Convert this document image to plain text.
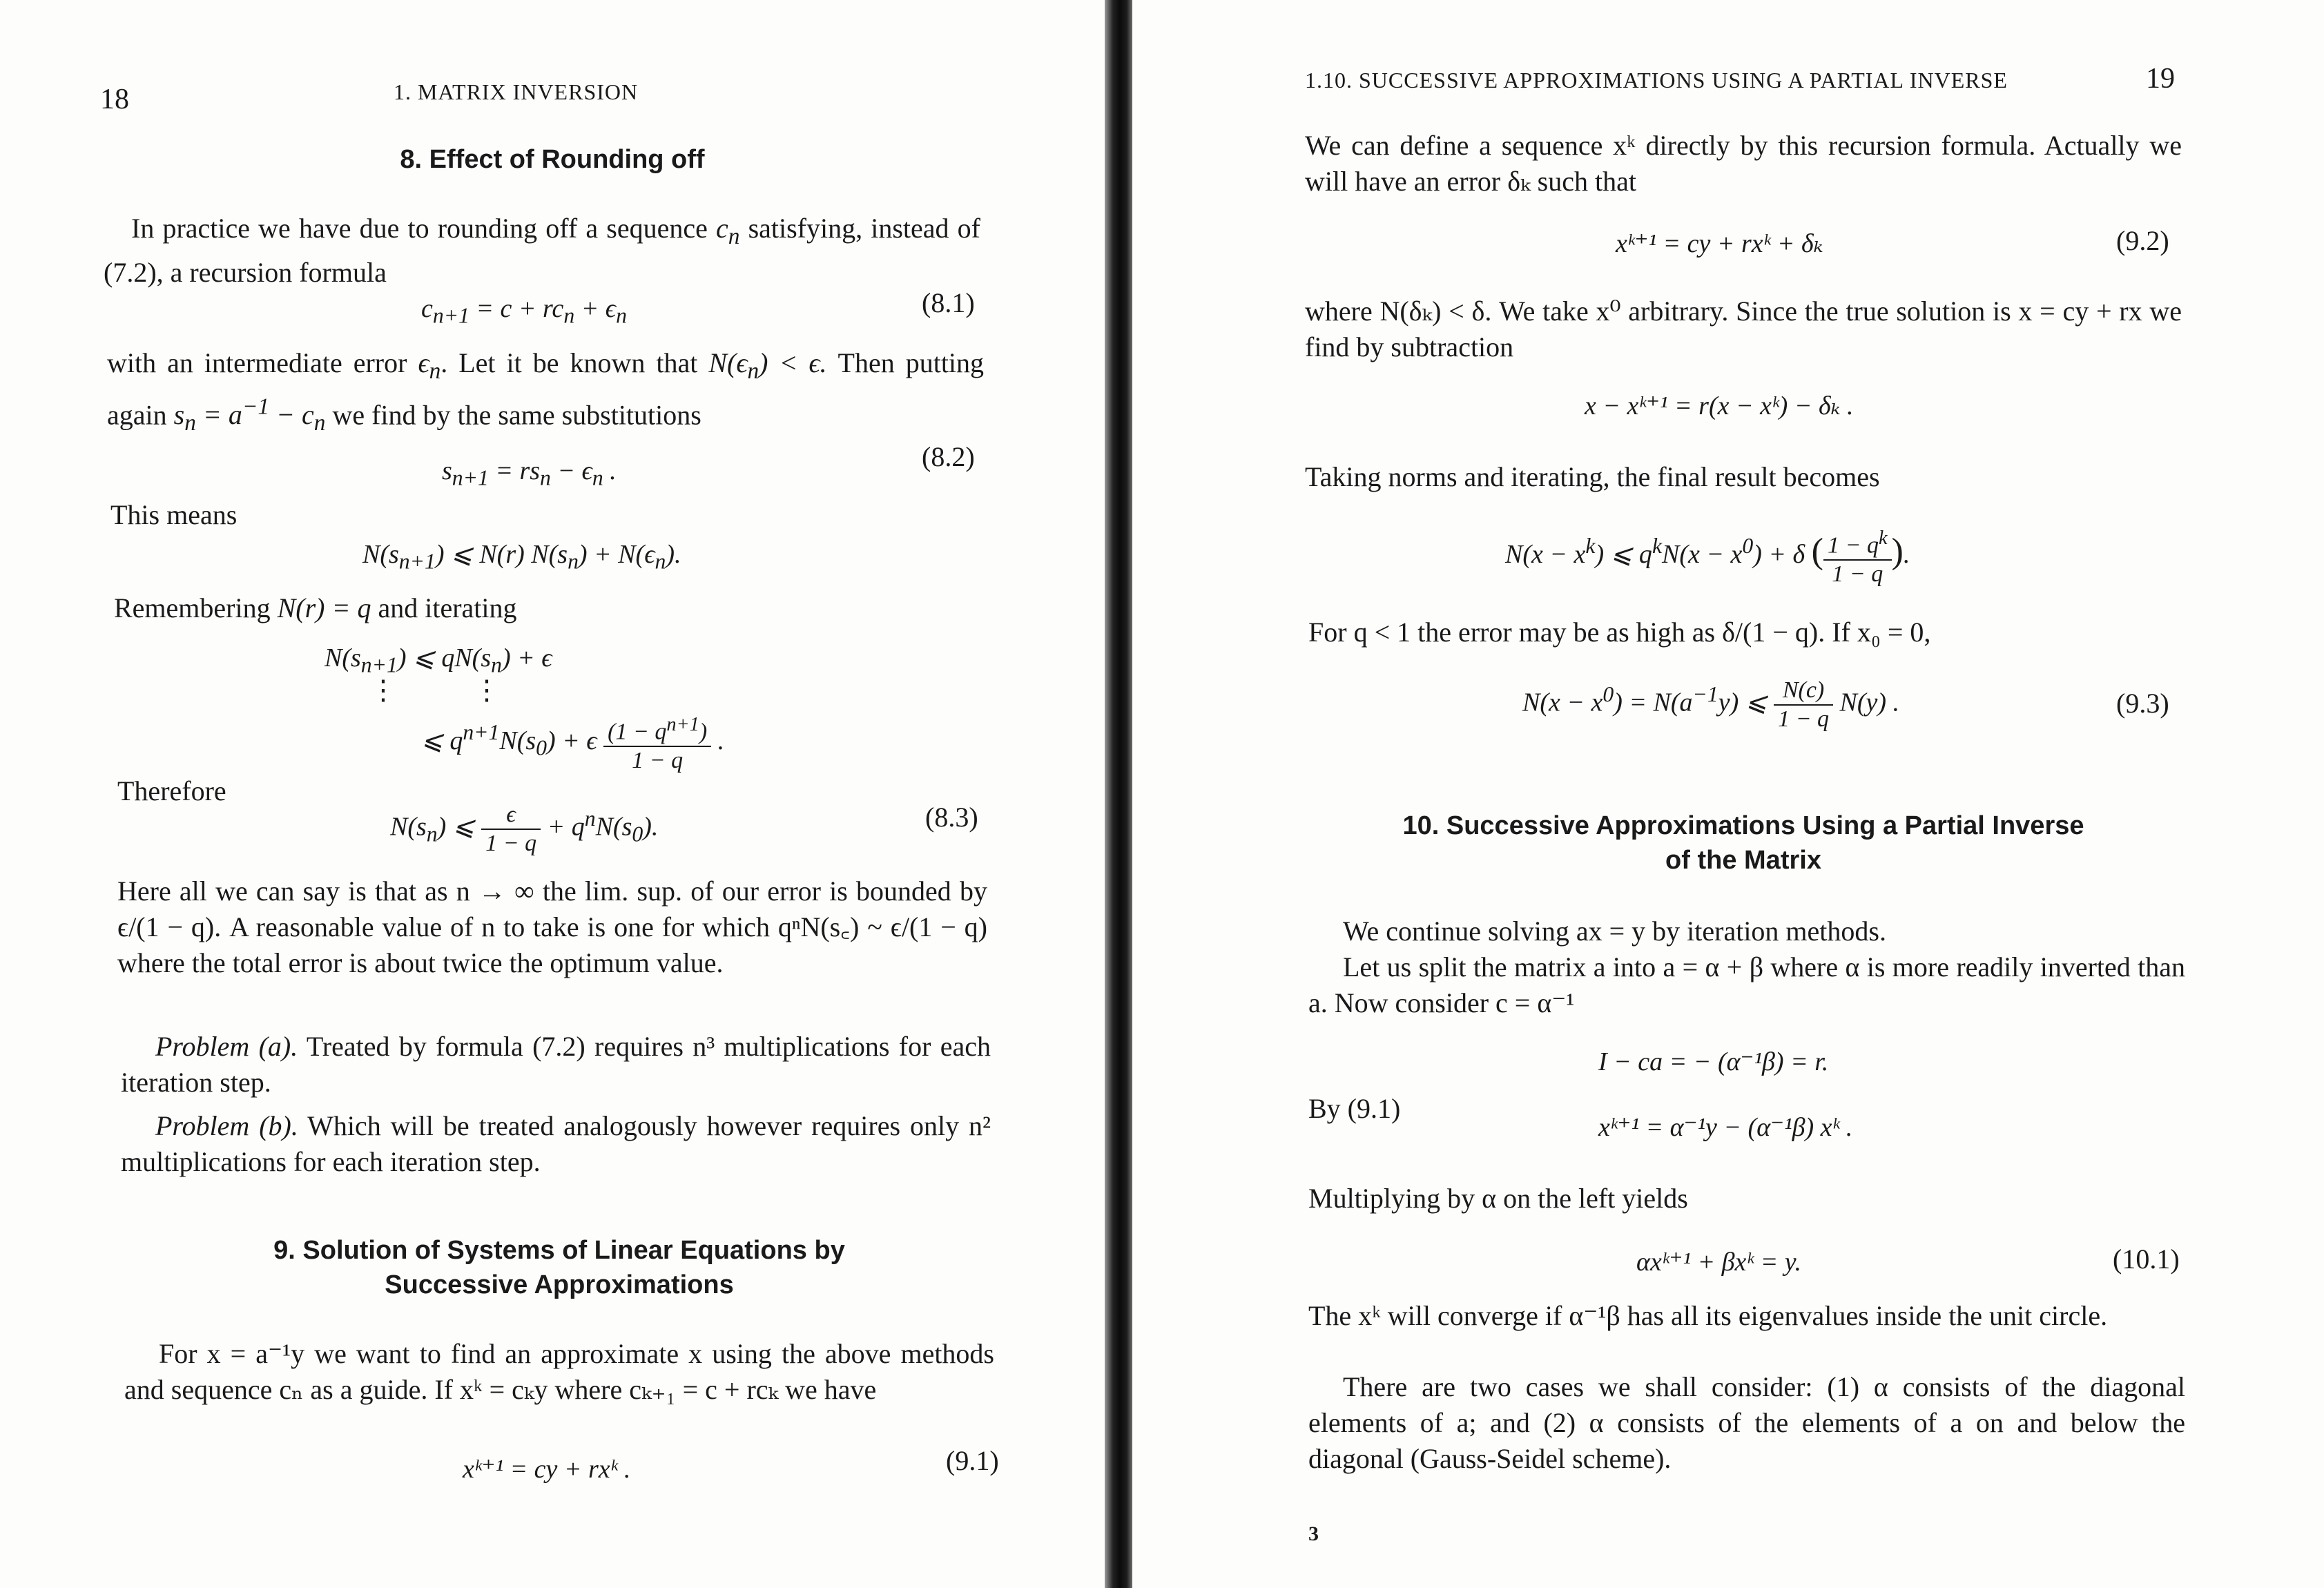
18	1. MATRIX INVERSION
8. Effect of Rounding off
In practice we have due to rounding off a sequence $c_n$ satisfying, instead of (7.2), a recursion formula
$c_{n+1} = c + rc_n + \epsilon_n$	(8.1)
with an intermediate error $\epsilon_n$. Let it be known that $N(\epsilon_n) < \epsilon$. Then putting again $s_n = a^{-1} - c_n$ we find by the same substitutions
$s_{n+1} = rs_n - \epsilon_n$ .	(8.2)
This means
$N(s_{n+1})$ ⩽ N(r) $N(s_n) + N(\epsilon_n)$.
Remembering N(r) = q and iterating
$N(s_{n+1})$ ⩽ $qN(s_n) + \epsilon$
⋮	⋮
⩽ $q^{n+1}N(s_0) + \epsilon \frac{(1 - q^{n+1})}{1 - q}$ .
Therefore
$N(s_n)$ ⩽ $\frac{\epsilon}{1 - q} + q^nN(s_0)$.	(8.3)
Here all we can say is that as n → ∞ the lim. sup. of our error is bounded by ϵ/(1 − q). A reasonable value of n to take is one for which qⁿN(s꜀) ~ ϵ/(1 − q) where the total error is about twice the optimum value.
Problem (a). Treated by formula (7.2) requires n³ multiplications for each iteration step.
Problem (b). Which will be treated analogously however requires only n² multiplications for each iteration step.
9. Solution of Systems of Linear Equations by
Successive Approximations
For x = a⁻¹y we want to find an approximate x using the above methods and sequence cₙ as a guide. If xᵏ = cₖy where cₖ₊₁ = c + rcₖ we have
xᵏ⁺¹ = cy + rxᵏ .	(9.1)
1.10. SUCCESSIVE APPROXIMATIONS USING A PARTIAL INVERSE	19
We can define a sequence xᵏ directly by this recursion formula. Actually we will have an error δₖ such that
xᵏ⁺¹ = cy + rxᵏ + δₖ	(9.2)
where N(δₖ) < δ. We take x⁰ arbitrary. Since the true solution is x = cy + rx we find by subtraction
x − xᵏ⁺¹ = r(x − xᵏ) − δₖ .
Taking norms and iterating, the final result becomes
$N(x - x^k)$ ⩽ $q^kN(x - x^0) + \delta$ ( $\frac{1 - q^k}{1 - q}$ ).
For q < 1 the error may be as high as δ/(1 − q). If x₀ = 0,
$N(x - x^0) = N(a^{-1}y)$ ⩽ $\frac{N(c)}{1 - q} N(y)$ .	(9.3)
10. Successive Approximations Using a Partial Inverse
of the Matrix
We continue solving ax = y by iteration methods.
Let us split the matrix a into a = α + β where α is more readily inverted than a. Now consider c = α⁻¹
I − ca = − (α⁻¹β) = r.
By (9.1)
xᵏ⁺¹ = α⁻¹y − (α⁻¹β) xᵏ .
Multiplying by α on the left yields
αxᵏ⁺¹ + βxᵏ = y.	(10.1)
The xᵏ will converge if α⁻¹β has all its eigenvalues inside the unit circle.
There are two cases we shall consider: (1) α consists of the diagonal elements of a; and (2) α consists of the elements of a on and below the diagonal (Gauss-Seidel scheme).
3
